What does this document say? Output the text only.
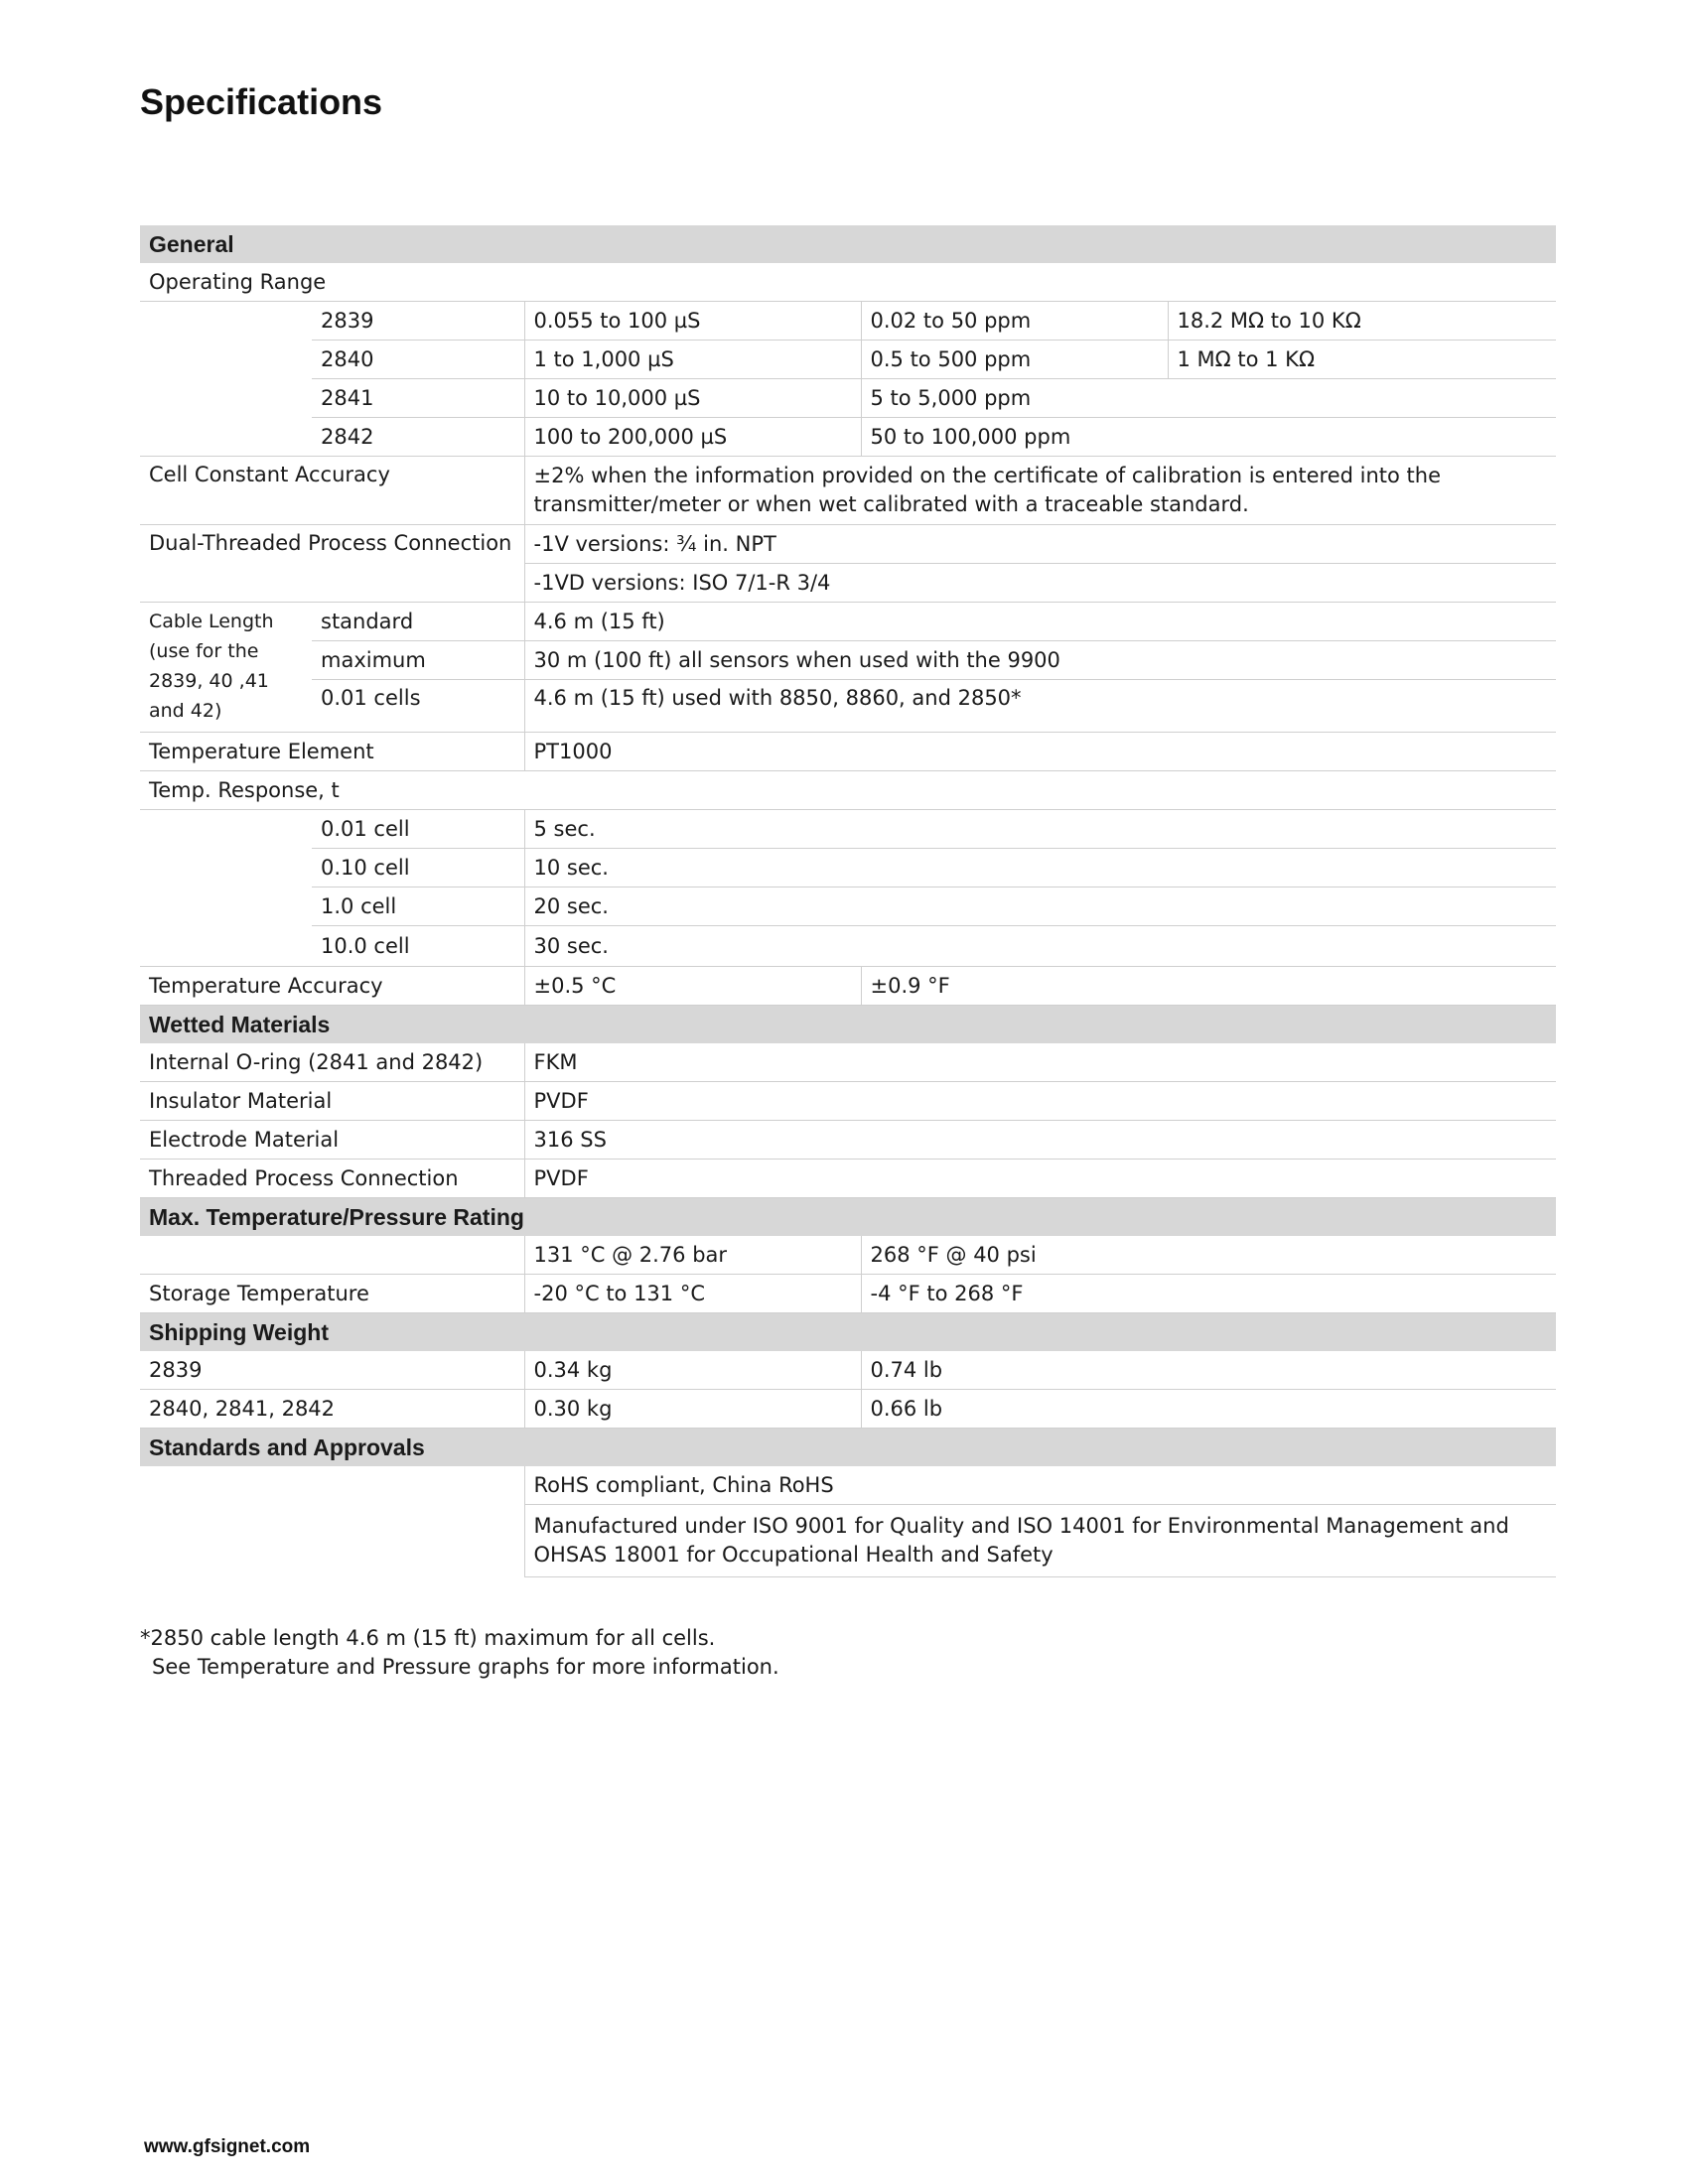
Specifications
General				
Operating Range				
	2839	0.055 to 100 µS	0.02 to 50 ppm	18.2 MΩ to 10 KΩ
	2840	1 to 1,000 µS	0.5 to 500 ppm	1 MΩ to 1 KΩ
	2841	10 to 10,000 µS	5 to 5,000 ppm	
	2842	100 to 200,000 µS	50 to 100,000 ppm	
Cell Constant Accuracy		±2% when the information provided on the certificate of calibration is entered into the transmitter/meter or when wet calibrated with a traceable standard.		
Dual-Threaded Process Connection		-1V versions: ¾ in. NPT		
		-1VD versions: ISO 7/1-R 3/4		
Cable Length (use for the 2839, 40 ,41 and 42)	standard	4.6 m (15 ft)		
	maximum	30 m (100 ft) all sensors when used with the 9900		
	0.01 cells	4.6 m (15 ft) used with 8850, 8860, and 2850*		
Temperature Element		PT1000		
Temp. Response, t				
	0.01 cell	5 sec.		
	0.10 cell	10 sec.		
	1.0 cell	20 sec.		
	10.0 cell	30 sec.		
Temperature Accuracy		±0.5 °C	±0.9 °F	
Wetted Materials				
Internal O-ring (2841 and 2842)		FKM		
Insulator Material		PVDF		
Electrode Material		316 SS		
Threaded Process Connection		PVDF		
Max. Temperature/Pressure Rating				
		131 °C @ 2.76 bar	268 °F @ 40 psi	
Storage Temperature		-20 °C to 131 °C	-4 °F to 268 °F	
Shipping Weight				
2839		0.34 kg	0.74 lb	
2840, 2841, 2842		0.30 kg	0.66 lb	
Standards and Approvals				
		RoHS compliant, China RoHS		
		Manufactured under ISO 9001 for Quality and ISO 14001 for Environmental Management and OHSAS 18001 for Occupational Health and Safety		
*2850 cable length 4.6 m (15 ft) maximum for all cells.
See Temperature and Pressure graphs for more information.
www.gfsignet.com
